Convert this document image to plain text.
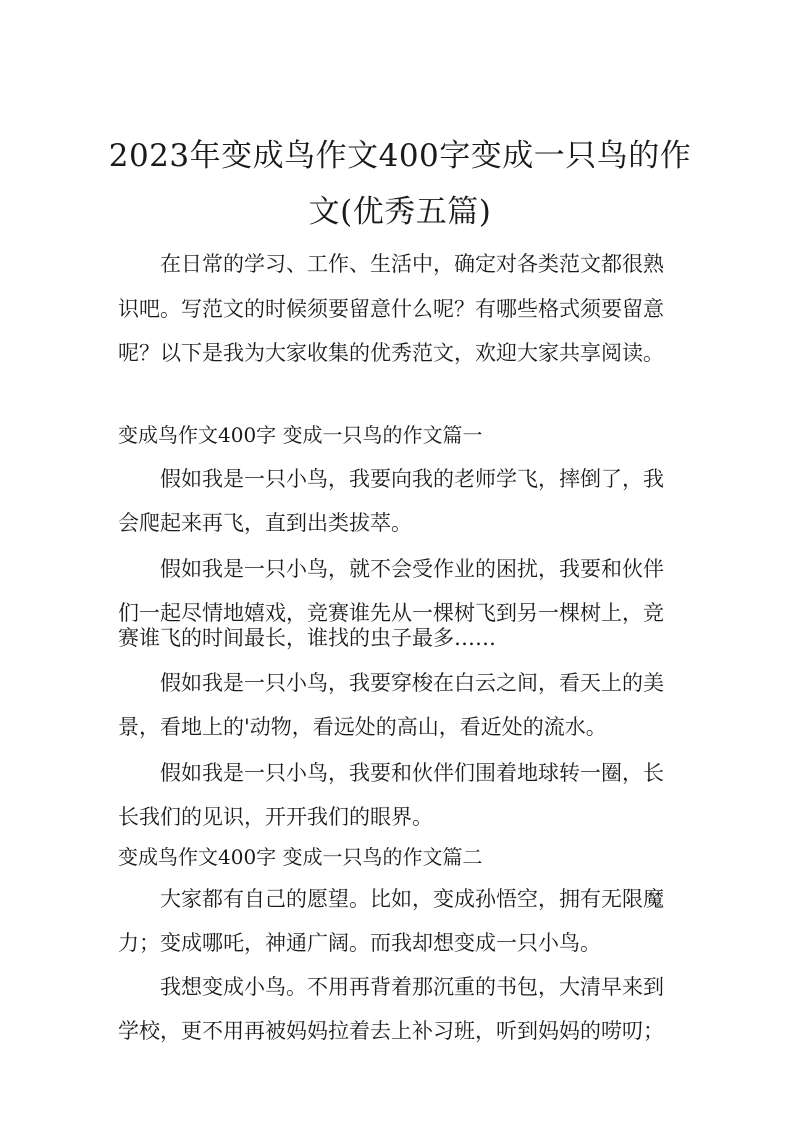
2023年变成鸟作文400字变成一只鸟的作
文(优秀五篇)
在日常的学习、工作、生活中，确定对各类范文都很熟
识吧。写范文的时候须要留意什么呢？有哪些格式须要留意
呢？以下是我为大家收集的优秀范文，欢迎大家共享阅读。
变成鸟作文400字 变成一只鸟的作文篇一
假如我是一只小鸟，我要向我的老师学飞，摔倒了，我
会爬起来再飞，直到出类拔萃。
假如我是一只小鸟，就不会受作业的困扰，我要和伙伴
们一起尽情地嬉戏，竞赛谁先从一棵树飞到另一棵树上，竞
赛谁飞的时间最长，谁找的虫子最多……
假如我是一只小鸟，我要穿梭在白云之间，看天上的美
景，看地上的'动物，看远处的高山，看近处的流水。
假如我是一只小鸟，我要和伙伴们围着地球转一圈，长
长我们的见识，开开我们的眼界。
变成鸟作文400字 变成一只鸟的作文篇二
大家都有自己的愿望。比如，变成孙悟空，拥有无限魔
力；变成哪吒，神通广阔。而我却想变成一只小鸟。
我想变成小鸟。不用再背着那沉重的书包，大清早来到
学校，更不用再被妈妈拉着去上补习班，听到妈妈的唠叨；
